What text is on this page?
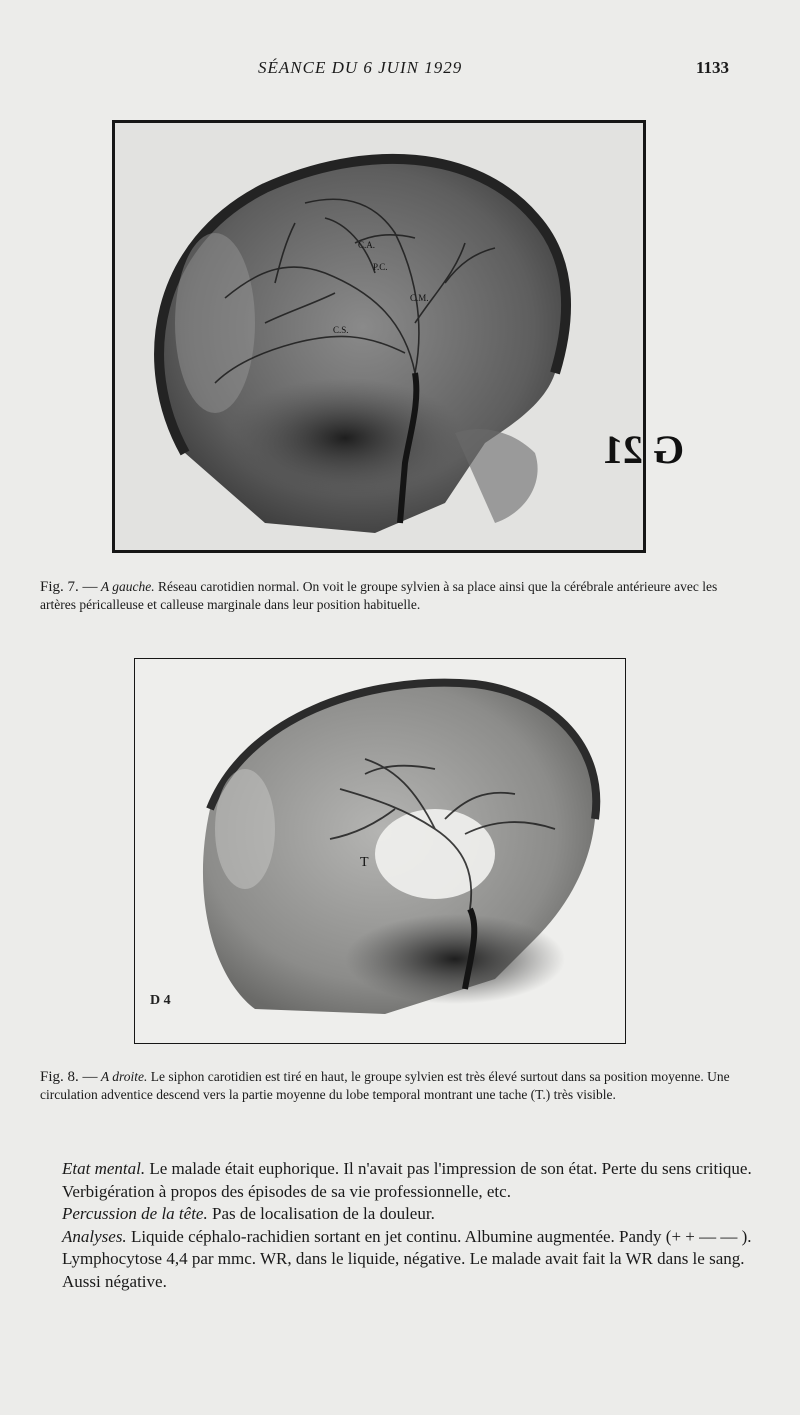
SÉANCE DU 6 JUIN 1929	1133
C.A.
P.C.
C.M.
C.S.
G 21
Fig. 7. — A gauche. Réseau carotidien normal. On voit le groupe sylvien à sa place ainsi que la cérébrale antérieure avec les artères péricalleuse et calleuse marginale dans leur position habituelle.
T
D 4
Fig. 8. — A droite. Le siphon carotidien est tiré en haut, le groupe sylvien est très élevé surtout dans sa position moyenne. Une circulation adventice descend vers la partie moyenne du lobe temporal montrant une tache (T.) très visible.

Etat mental. Le malade était euphorique. Il n'avait pas l'impression de son état. Perte du sens critique. Verbigération à propos des épisodes de sa vie professionnelle, etc.

Percussion de la tête. Pas de localisation de la douleur.

Analyses. Liquide céphalo-rachidien sortant en jet continu. Albumine augmentée. Pandy (+ + — — ). Lymphocytose 4,4 par mmc. WR, dans le liquide, négative. Le malade avait fait la WR dans le sang. Aussi négative.
